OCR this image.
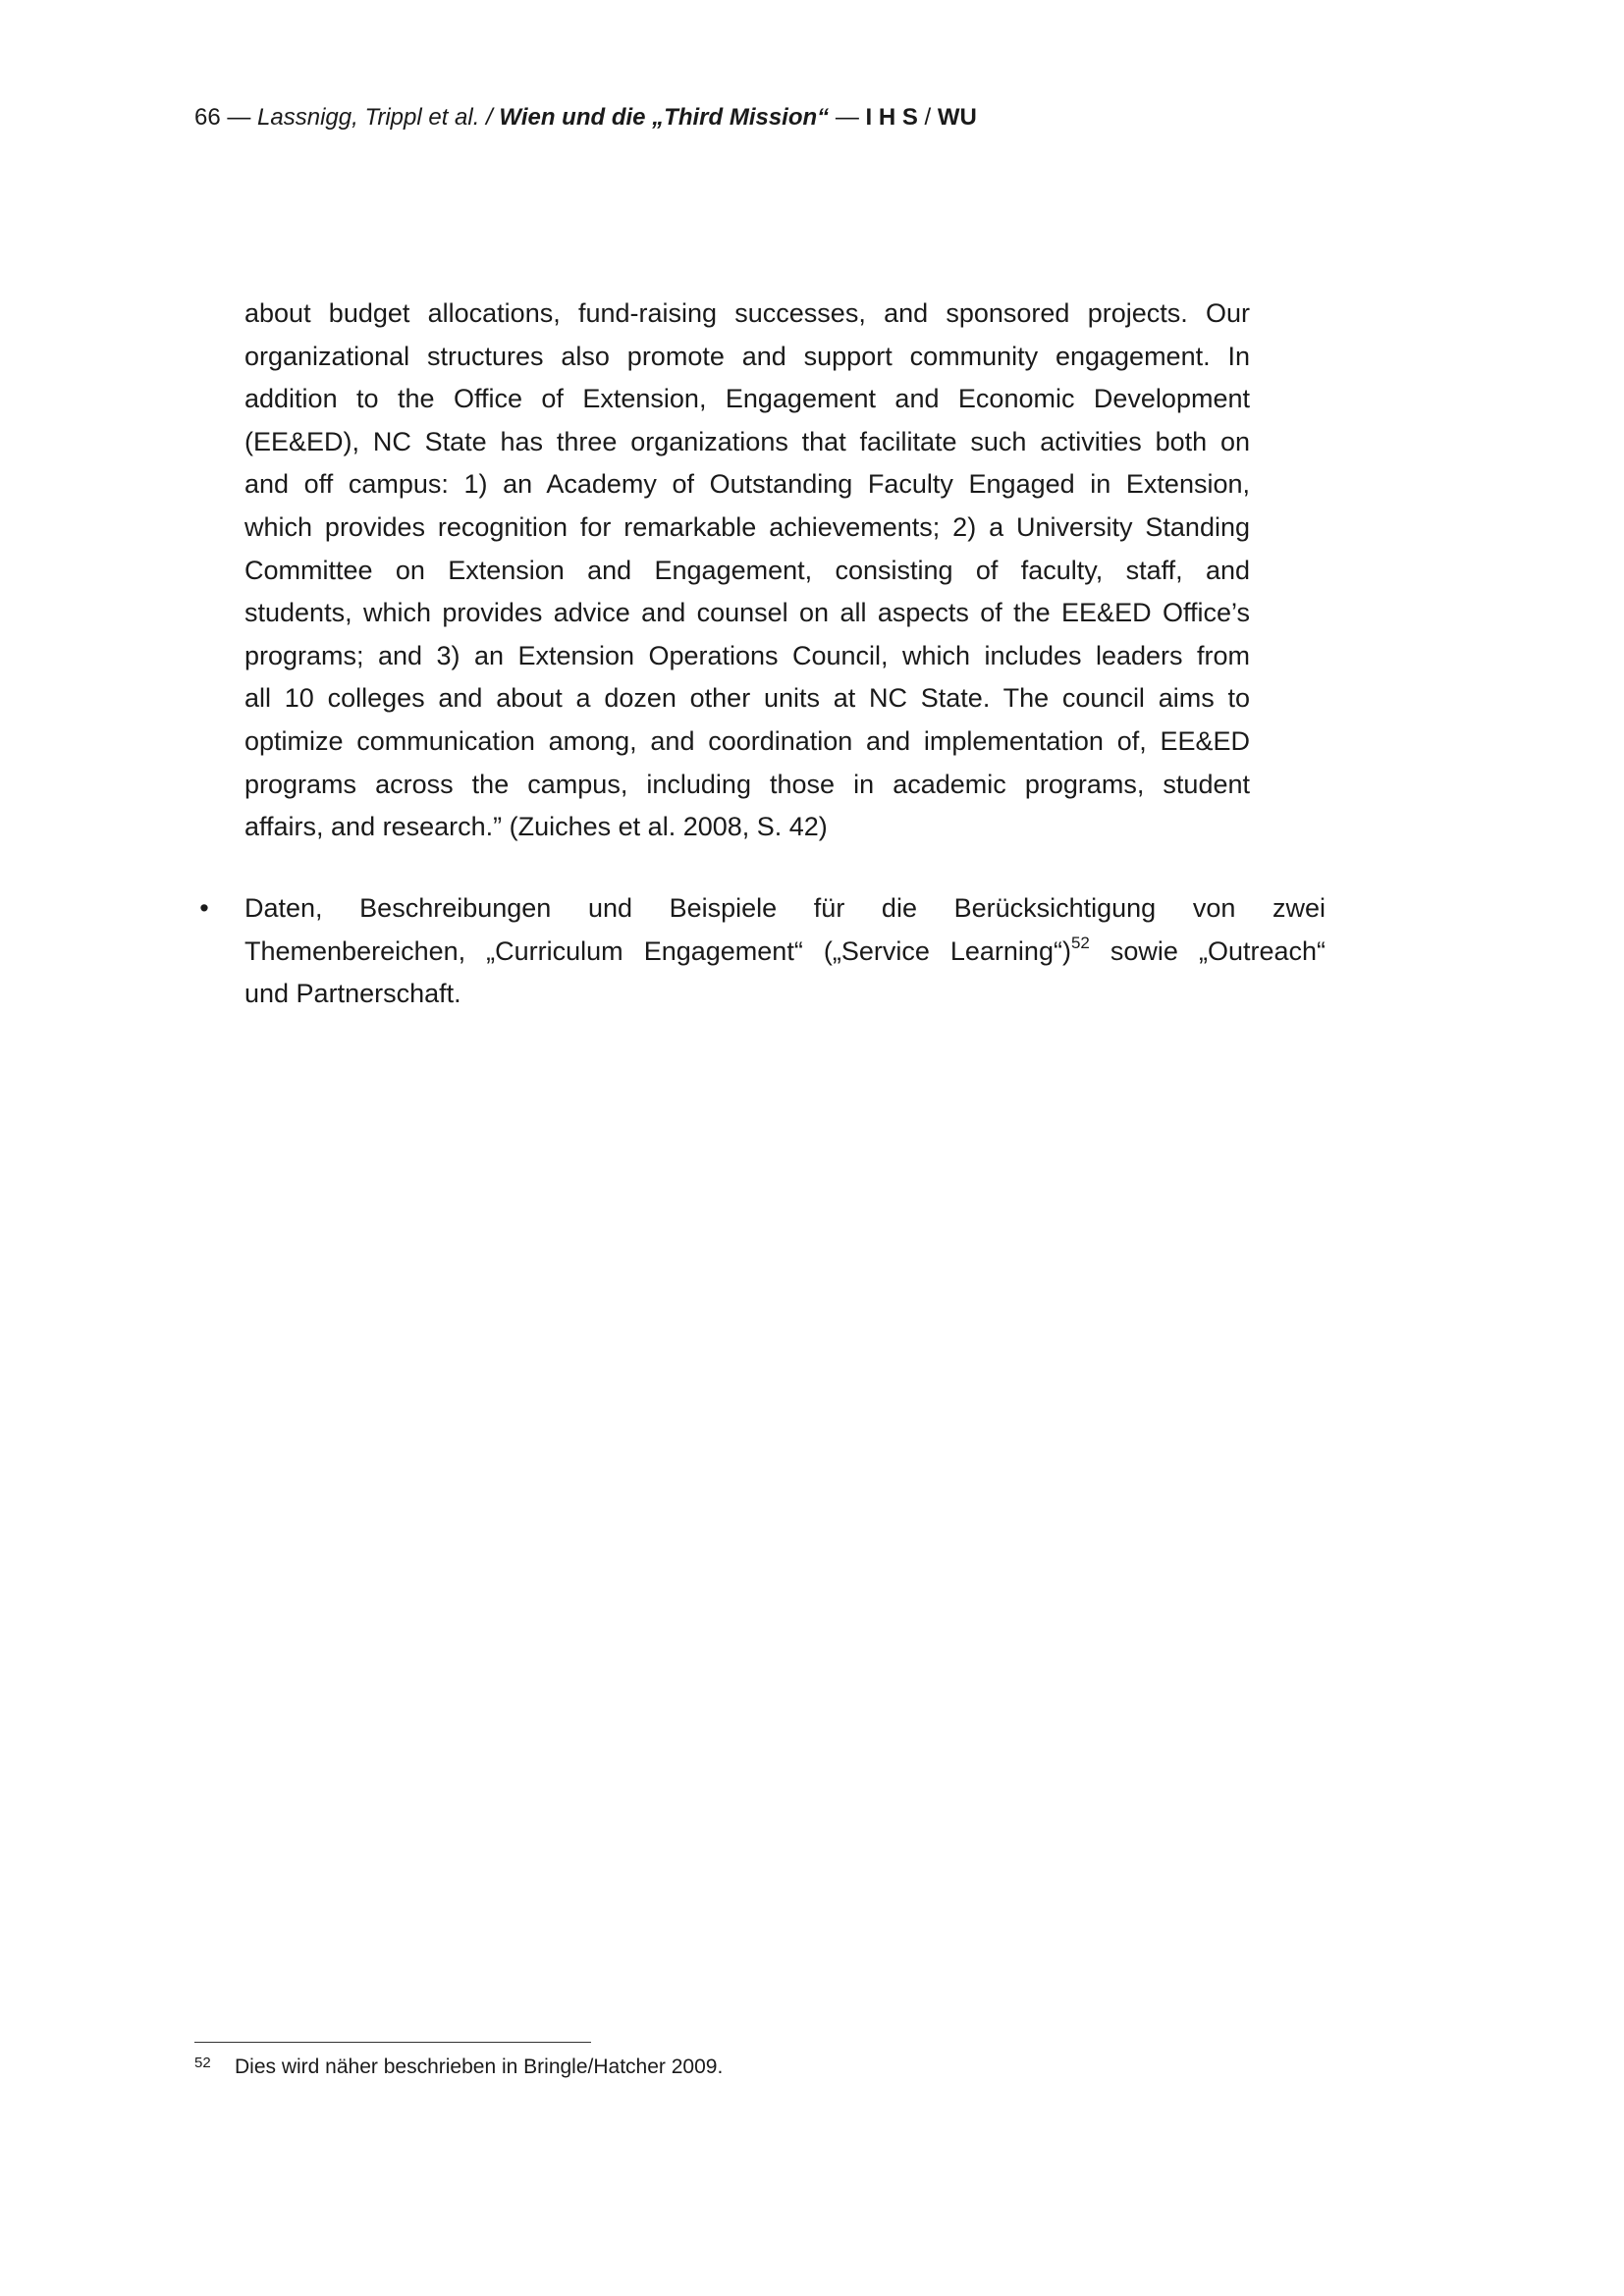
66 — Lassnigg, Trippl et al. / Wien und die „Third Mission“ — I H S / WU
about budget allocations, fund-raising successes, and sponsored projects. Our
organizational structures also promote and support community engagement. In
addition to the Office of Extension, Engagement and Economic Development
(EE&ED), NC State has three organizations that facilitate such activities both on
and off campus: 1) an Academy of Outstanding Faculty Engaged in Extension,
which provides recognition for remarkable achievements; 2) a University Standing
Committee on Extension and Engagement, consisting of faculty, staff, and
students, which provides advice and counsel on all aspects of the EE&ED Office’s
programs; and 3) an Extension Operations Council, which includes leaders from
all 10 colleges and about a dozen other units at NC State. The council aims to
optimize communication among, and coordination and implementation of, EE&ED
programs across the campus, including those in academic programs, student
affairs, and research.” (Zuiches et al. 2008, S. 42)
• Daten, Beschreibungen und Beispiele für die Berücksichtigung von zwei
Themenbereichen, „Curriculum Engagement“ („Service Learning“)$^{52}$ sowie „Outreach“
und Partnerschaft.
52 Dies wird näher beschrieben in Bringle/Hatcher 2009.
